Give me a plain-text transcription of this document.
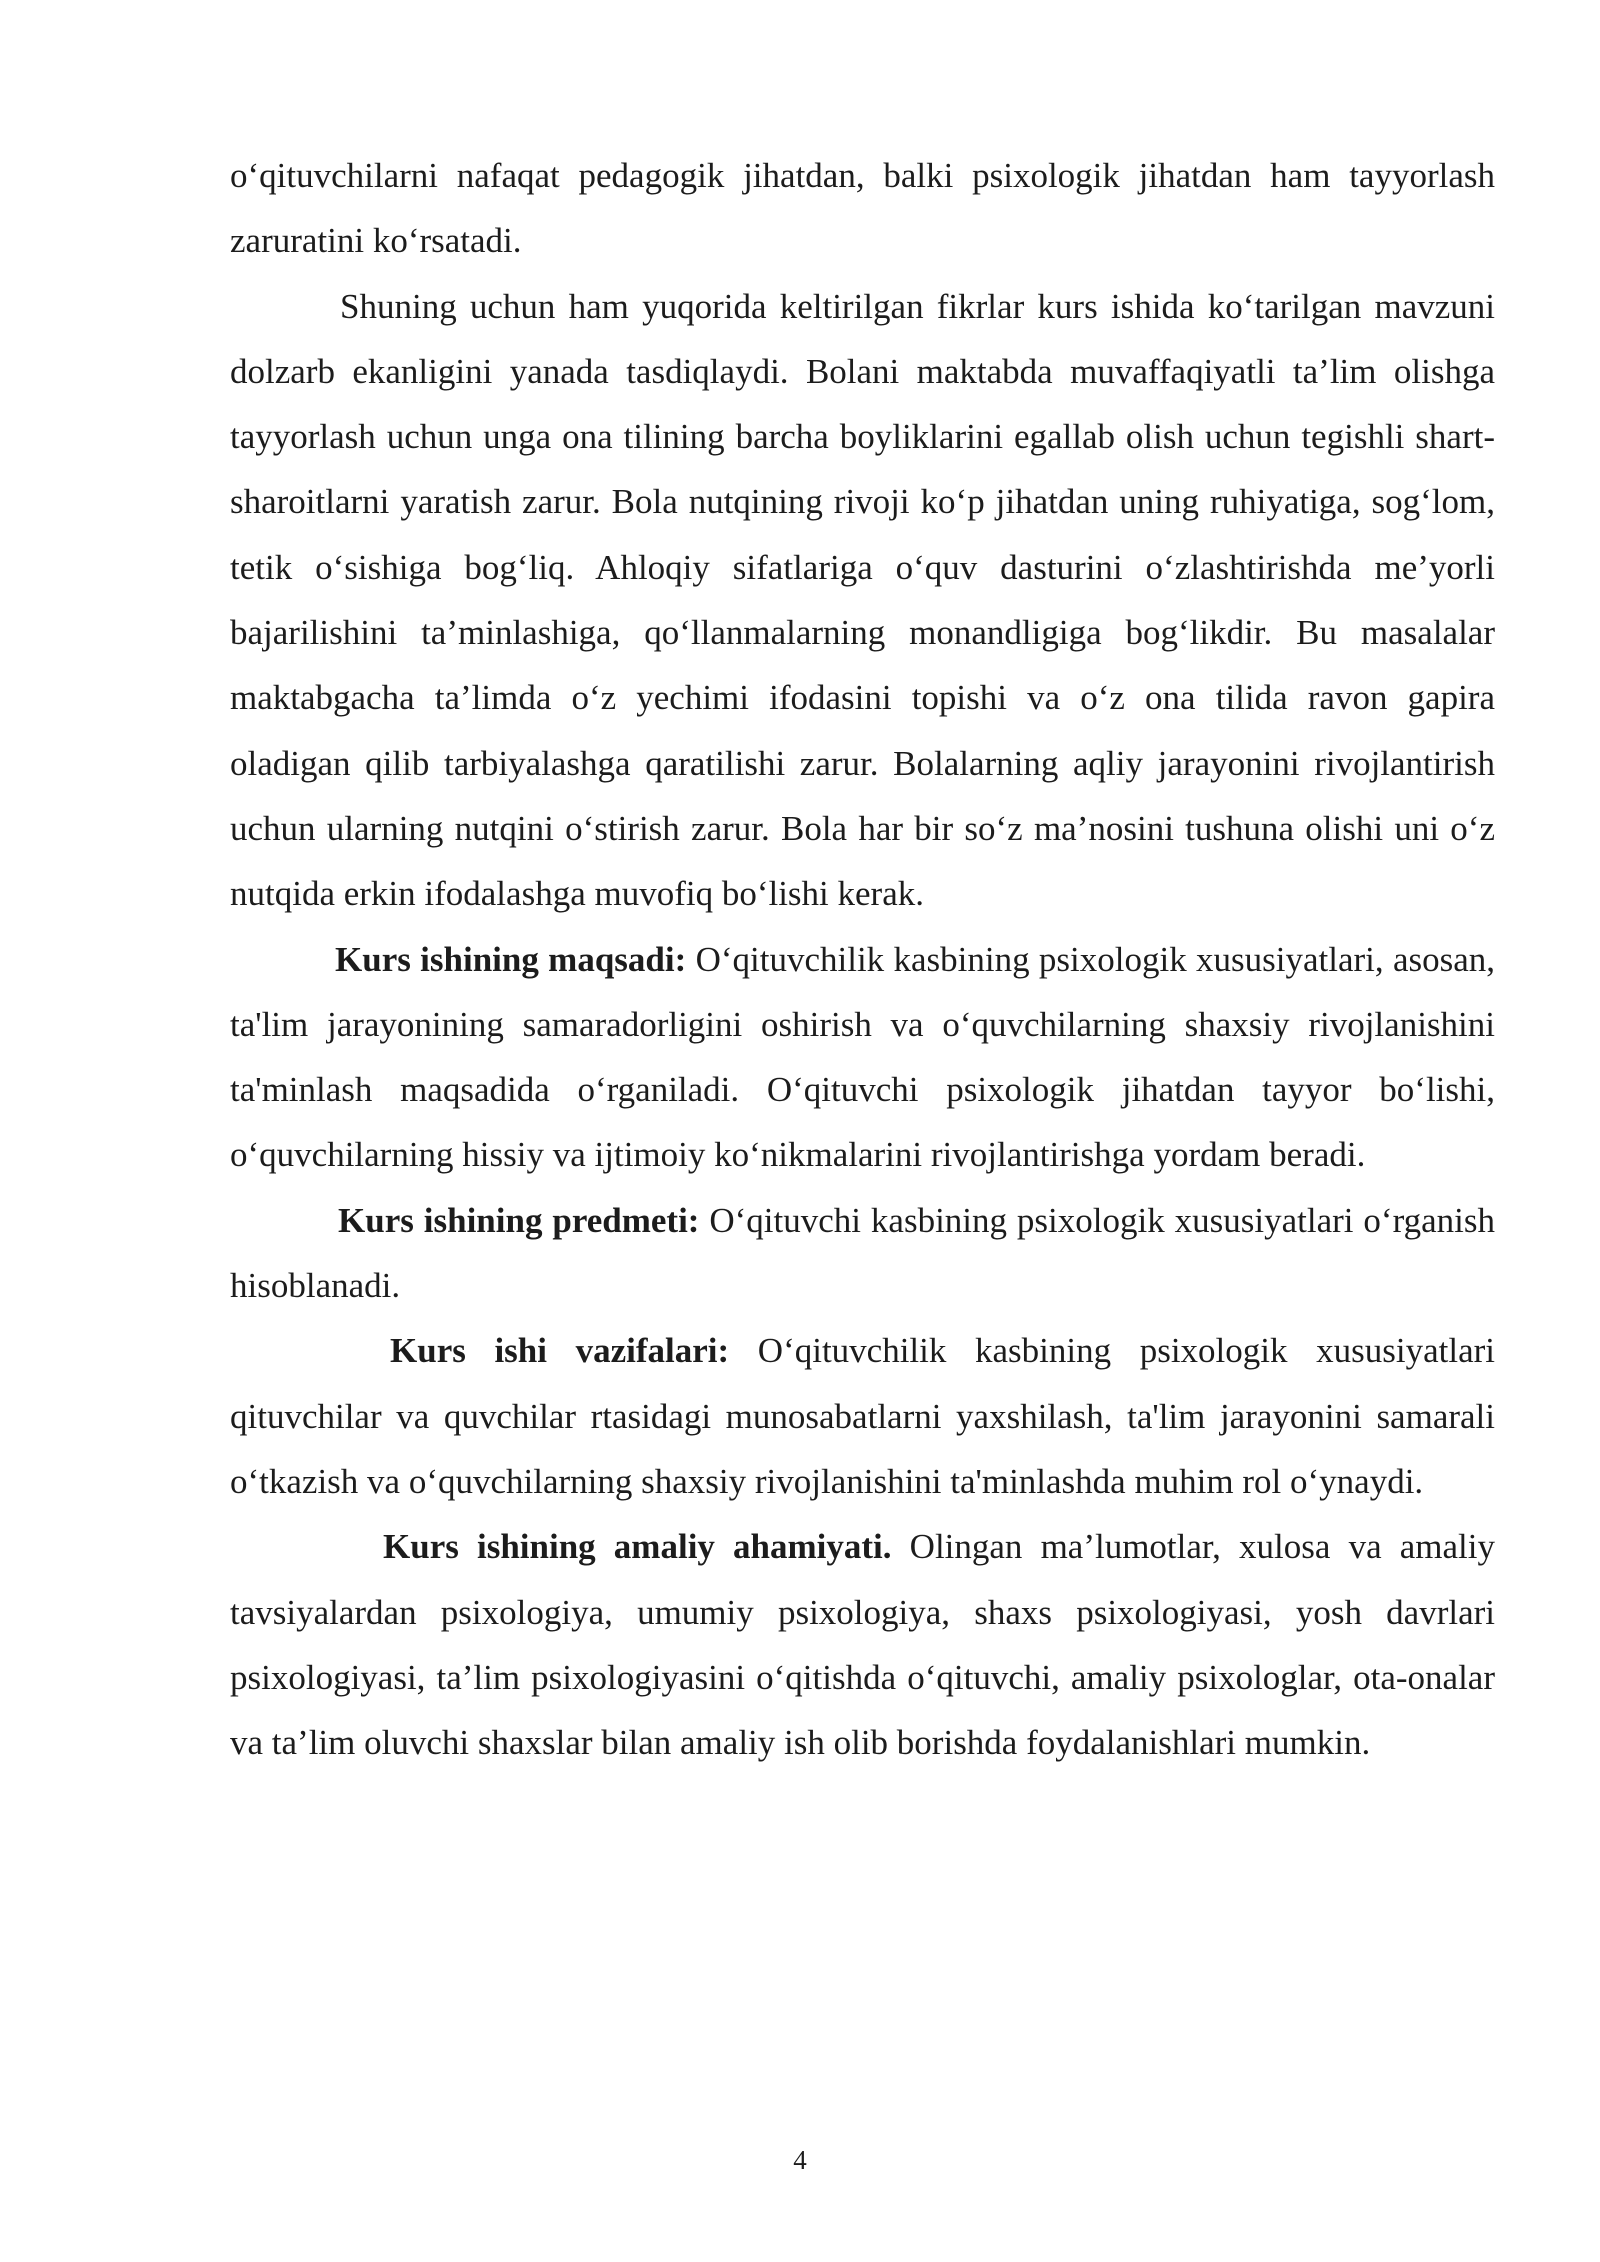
o‘qituvchilarni nafaqat pedagogik jihatdan, balki psixologik jihatdan ham tayyorlash zaruratini ko‘rsatadi.

Shuning uchun ham yuqorida keltirilgan fikrlar kurs ishida ko‘tarilgan mavzuni dolzarb ekanligini yanada tasdiqlaydi. Bolani maktabda muvaffaqiyatli ta’lim olishga tayyorlash uchun unga ona tilining barcha boyliklarini egallab olish uchun tegishli shart-sharoitlarni yaratish zarur. Bola nutqining rivoji ko‘p jihatdan uning ruhiyatiga, sog‘lom, tetik o‘sishiga bog‘liq. Ahloqiy sifatlariga o‘quv dasturini o‘zlashtirishda me’yorli bajarilishini ta’minlashiga, qo‘llanmalarning monandligiga bog‘likdir. Bu masalalar maktabgacha ta’limda o‘z yechimi ifodasini topishi va o‘z ona tilida ravon gapira oladigan qilib tarbiyalashga qaratilishi zarur. Bolalarning aqliy jarayonini rivojlantirish uchun ularning nutqini o‘stirish zarur. Bola har bir so‘z ma’nosini tushuna olishi uni o‘z nutqida erkin ifodalashga muvofiq bo‘lishi kerak.

Kurs ishining maqsadi: O‘qituvchilik kasbining psixologik xususiyatlari, asosan, ta'lim jarayonining samaradorligini oshirish va o‘quvchilarning shaxsiy rivojlanishini ta'minlash maqsadida o‘rganiladi. O‘qituvchi psixologik jihatdan tayyor bo‘lishi, o‘quvchilarning hissiy va ijtimoiy ko‘nikmalarini rivojlantirishga yordam beradi.

Kurs ishining predmeti: O‘qituvchi kasbining psixologik xususiyatlari o‘rganish hisoblanadi.

Kurs ishi vazifalari: O‘qituvchilik kasbining psixologik xususiyatlari qituvchilar va quvchilar rtasidagi munosabatlarni yaxshilash, ta'lim jarayonini samarali o‘tkazish va o‘quvchilarning shaxsiy rivojlanishini ta'minlashda muhim rol o‘ynaydi.

Kurs ishining amaliy ahamiyati. Olingan ma’lumotlar, xulosa va amaliy tavsiyalardan psixologiya, umumiy psixologiya, shaxs psixologiyasi, yosh davrlari psixologiyasi, ta’lim psixologiyasini o‘qitishda o‘qituvchi, amaliy psixologlar, ota-onalar va ta’lim oluvchi shaxslar bilan amaliy ish olib borishda foydalanishlari mumkin.

4
